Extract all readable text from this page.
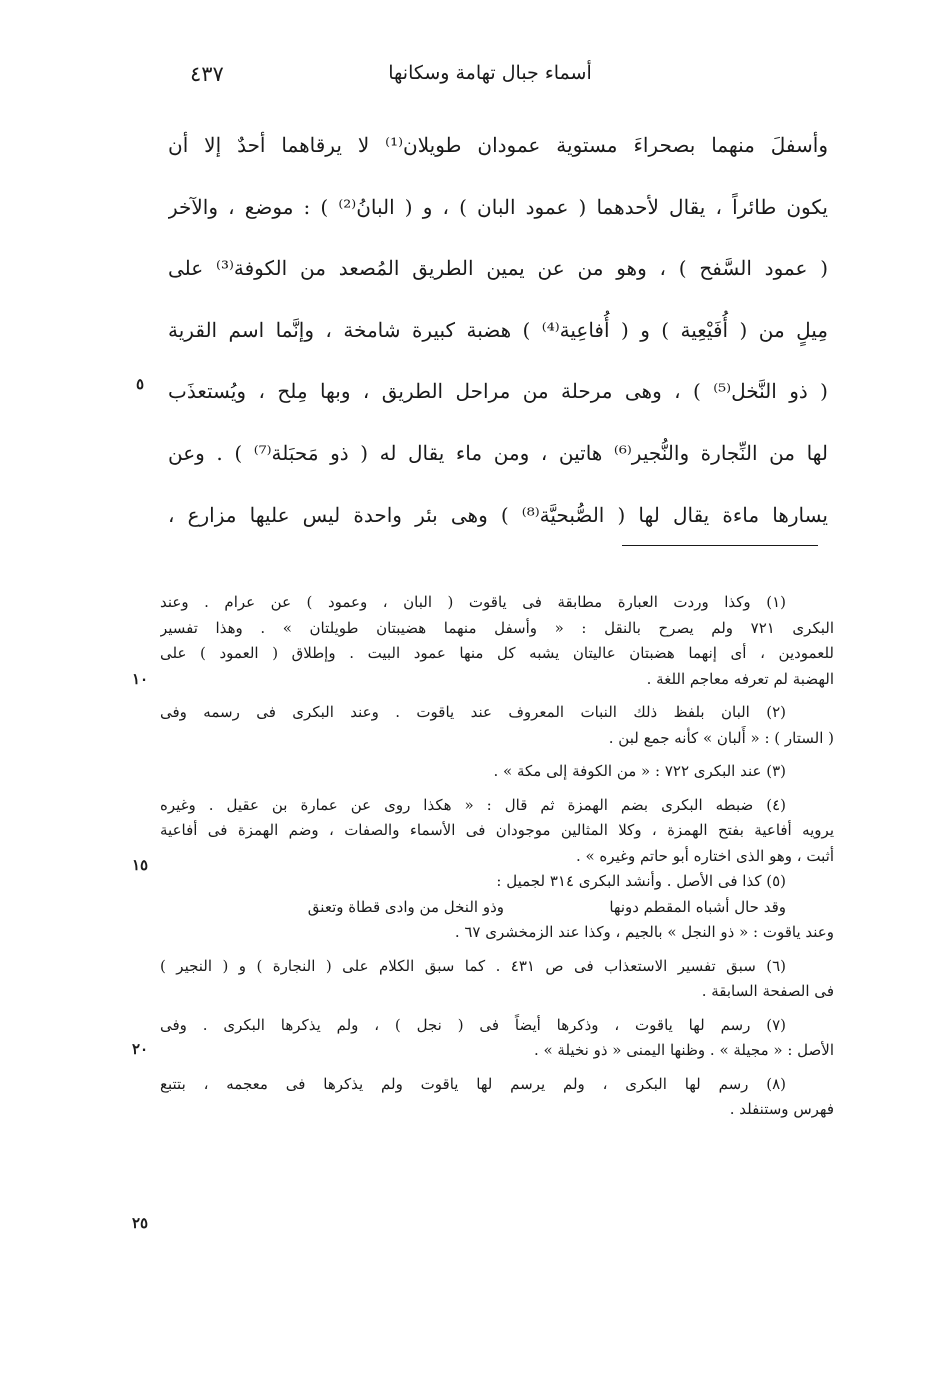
أسماء جبال تهامة وسكانها
٤٣٧
وأسفلَ منهما بصحراءَ مستوية عمودان طويلان⁽¹⁾ لا يرقاهما أحدٌ إلا أن
يكون طائراً ، يقال لأحدهما ( عمود البان ) ، و ( البانُ⁽²⁾ ) : موضع ، والآخر
( عمود السَّفح ) ، وهو من عن يمين الطريق المُصعد من الكوفة⁽³⁾ على
مِيلٍ من ( أُفَيْعِية ) و ( أُفاعِية⁽⁴⁾ ) هضبة كبيرة شامخة ، وإنَّما اسم القرية
( ذو النَّخل⁽⁵⁾ ) ، وهى مرحلة من مراحل الطريق ، وبها مِلح ، ويُستعذَب
لها من النِّجارة والنُّجير⁽⁶⁾ هاتين ، ومن ماء يقال له ( ذو مَحبَلة⁽⁷⁾ ) . وعن
يسارها ماءة يقال لها ( الصُّبحيَّة⁽⁸⁾ ) وهى بئر واحدة ليس عليها مزارع ،
٥
١٠
١٥
٢٠
٢٥
(١) وكذا وردت العبارة مطابقة فى ياقوت ( البان ، وعمود ) عن عرام . وعند
البكرى ٧٢١ ولم يصرح بالنقل : « وأسفل منهما هضيبتان طويلتان » . وهذا تفسير
للعمودين ، أى إنهما هضبتان عاليتان يشبه كل منها عمود البيت . وإطلاق ( العمود ) على
الهضبة لم تعرفه معاجم اللغة .
(٢) البان بلفظ ذلك النبات المعروف عند ياقوت . وعند البكرى فى رسمه وفى
( الستار ) : « أَلبان » كأنه جمع لبن .
(٣) عند البكرى ٧٢٢ : « من الكوفة إلى مكة » .
(٤) ضبطه البكرى بضم الهمزة ثم قال : « هكذا روى عن عمارة بن عقيل . وغيره
يرويه أفاعية بفتح الهمزة ، وكلا المثالين موجودان فى الأسماء والصفات ، وضم الهمزة فى أفاعية
أثبت ، وهو الذى اختاره أبو حاتم وغيره » .
(٥) كذا فى الأصل . وأنشد البكرى ٣١٤ لجميل :
وقد حال أشباه المقطم دونها
وذو النخل من وادى قطاة وتعنق
وعند ياقوت : « ذو النجل » بالجيم ، وكذا عند الزمخشرى ٦٧ .
(٦) سبق تفسير الاستعذاب فى ص ٤٣١ . كما سبق الكلام على ( النجارة ) و ( النجير )
فى الصفحة السابقة .
(٧) رسم لها ياقوت ، وذكرها أيضاً فى ( نجل ) ، ولم يذكرها البكرى . وفى
الأصل : « مجيلة » . وظنها اليمنى « ذو نخيلة » .
(٨) رسم لها البكرى ، ولم يرسم لها ياقوت ولم يذكرها فى معجمه ، بتتبع
فهرس وستنفلد .
